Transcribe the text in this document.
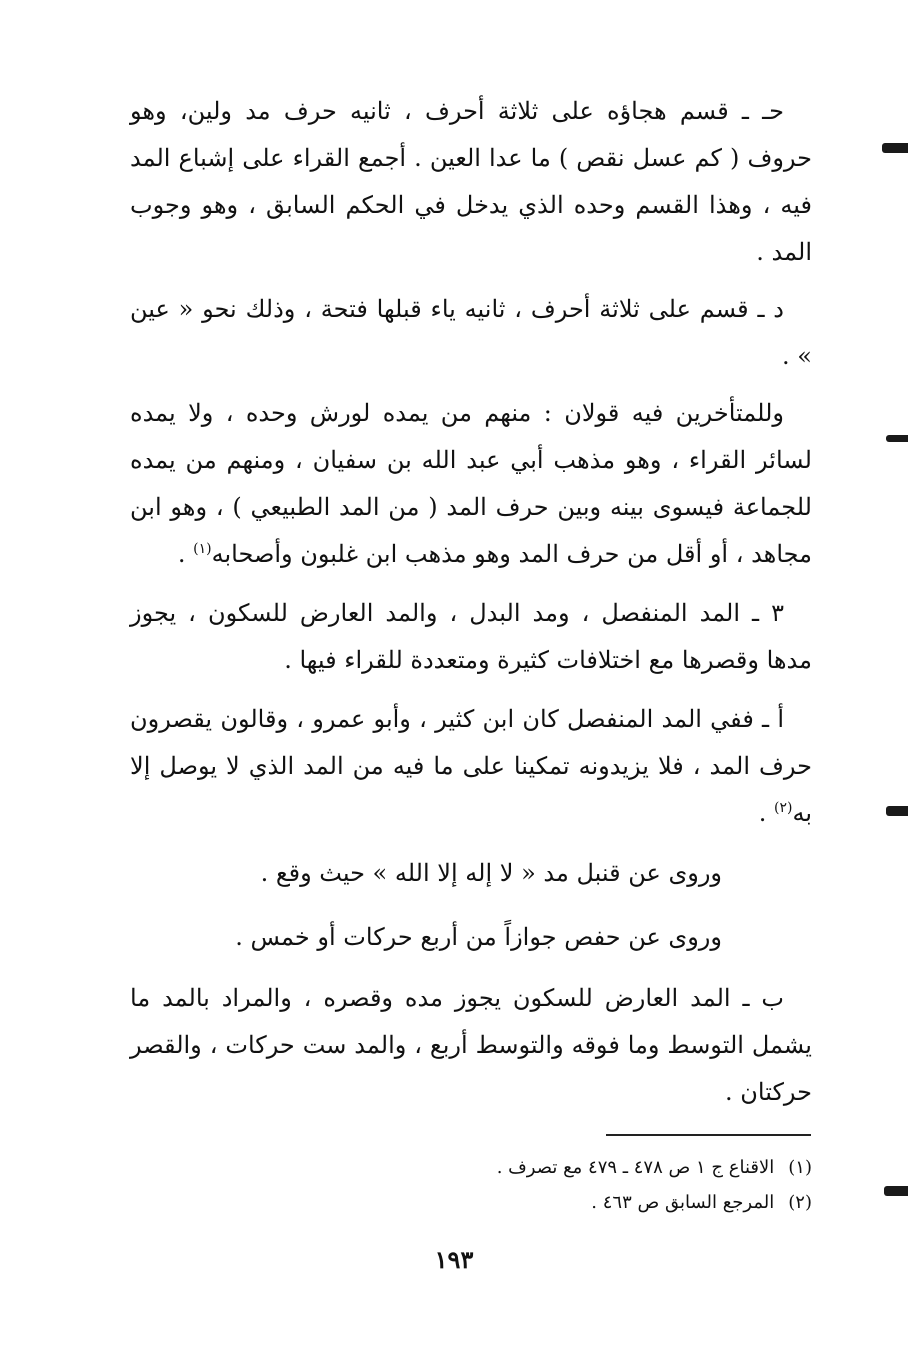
حـ ـ قسم هجاؤه على ثلاثة أحرف ، ثانيه حرف مد ولين، وهو حروف ( كم عسل نقص ) ما عدا العين . أجمع القراء على إشباع المد فيه ، وهذا القسم وحده الذي يدخل في الحكم السابق ، وهو وجوب المد .

د ـ قسم على ثلاثة أحرف ، ثانيه ياء قبلها فتحة ، وذلك نحو « عين » .

وللمتأخرين فيه قولان : منهم من يمده لورش وحده ، ولا يمده لسائر القراء ، وهو مذهب أبي عبد الله بن سفيان ، ومنهم من يمده للجماعة فيسوى بينه وبين حرف المد ( من المد الطبيعي ) ، وهو ابن مجاهد ، أو أقل من حرف المد وهو مذهب ابن غلبون وأصحابه$^{(١)}$ .

٣ ـ المد المنفصل ، ومد البدل ، والمد العارض للسكون ، يجوز مدها وقصرها مع اختلافات كثيرة ومتعددة للقراء فيها .

أ ـ ففي المد المنفصل كان ابن كثير ، وأبو عمرو ، وقالون يقصرون حرف المد ، فلا يزيدونه تمكينا على ما فيه من المد الذي لا يوصل إلا به$^{(٢)}$ .

وروى عن قنبل مد « لا إله إلا الله » حيث وقع .

وروى عن حفص جوازاً من أربع حركات أو خمس .

ب ـ المد العارض للسكون يجوز مده وقصره ، والمراد بالمد ما يشمل التوسط وما فوقه والتوسط أربع ، والمد ست حركات ، والقصر حركتان .

(١)الاقناع ج ١ ص ٤٧٨ ـ ٤٧٩ مع تصرف .

(٢)المرجع السابق ص ٤٦٣ .

١٩٣
